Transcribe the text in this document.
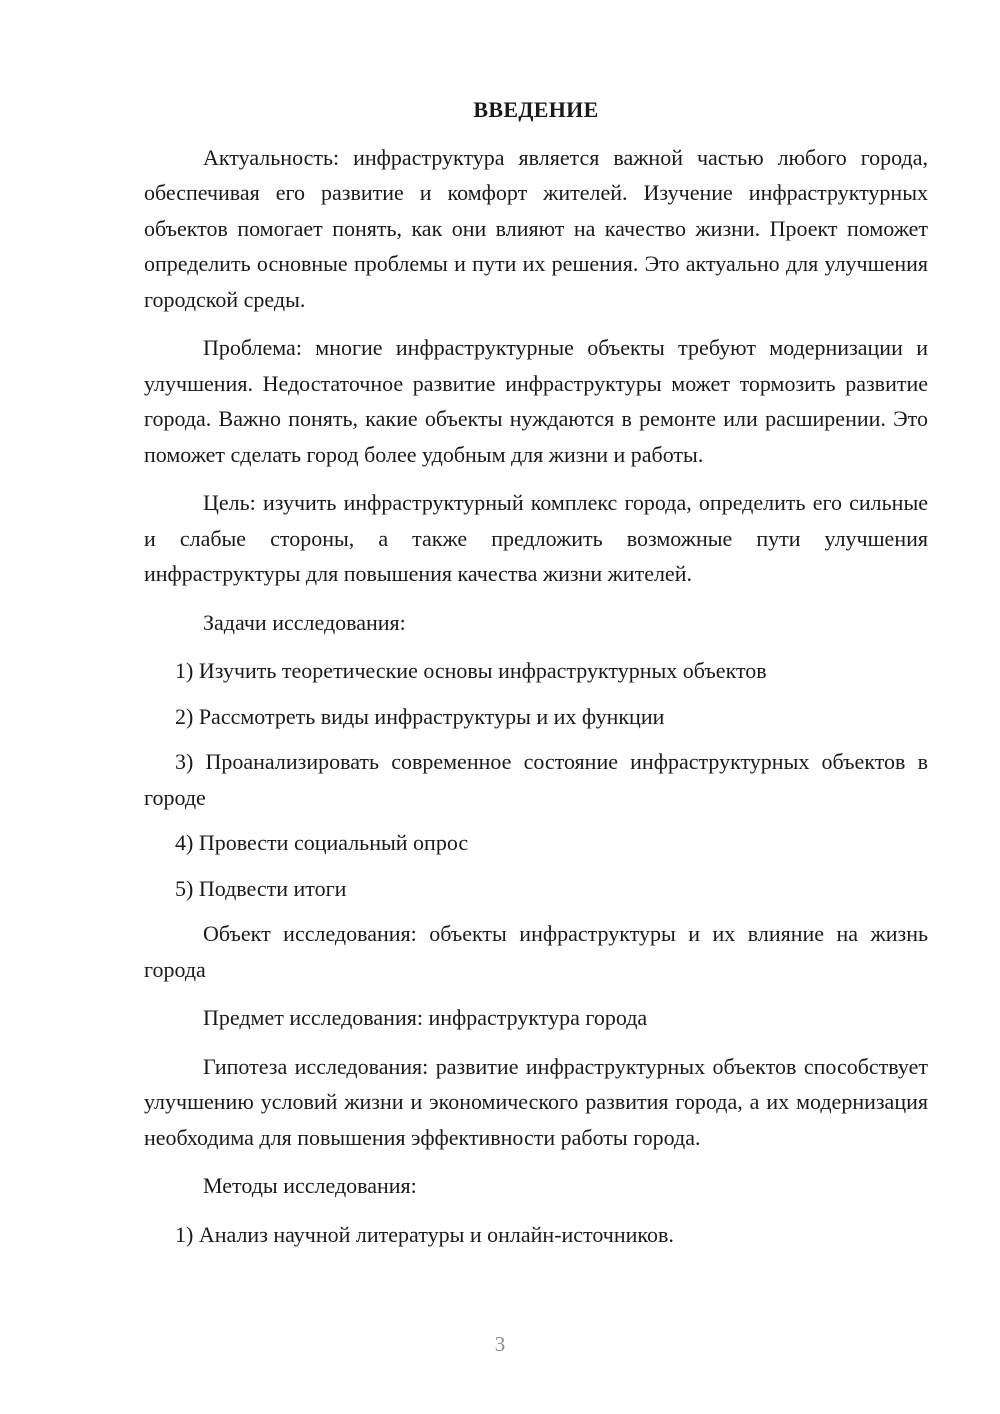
ВВЕДЕНИЕ

Актуальность: инфраструктура является важной частью любого города, обеспечивая его развитие и комфорт жителей. Изучение инфраструктурных объектов помогает понять, как они влияют на качество жизни. Проект поможет определить основные проблемы и пути их решения. Это актуально для улучшения городской среды.

Проблема: многие инфраструктурные объекты требуют модернизации и улучшения. Недостаточное развитие инфраструктуры может тормозить развитие города. Важно понять, какие объекты нуждаются в ремонте или расширении. Это поможет сделать город более удобным для жизни и работы.

Цель: изучить инфраструктурный комплекс города, определить его сильные и слабые стороны, а также предложить возможные пути улучшения инфраструктуры для повышения качества жизни жителей.

Задачи исследования:

1) Изучить теоретические основы инфраструктурных объектов

2) Рассмотреть виды инфраструктуры и их функции

3) Проанализировать современное состояние инфраструктурных объектов в городе

4) Провести социальный опрос

5) Подвести итоги

Объект исследования: объекты инфраструктуры и их влияние на жизнь города

Предмет исследования: инфраструктура города

Гипотеза исследования: развитие инфраструктурных объектов способствует улучшению условий жизни и экономического развития города, а их модернизация необходима для повышения эффективности работы города.

Методы исследования:

1) Анализ научной литературы и онлайн-источников.

3
